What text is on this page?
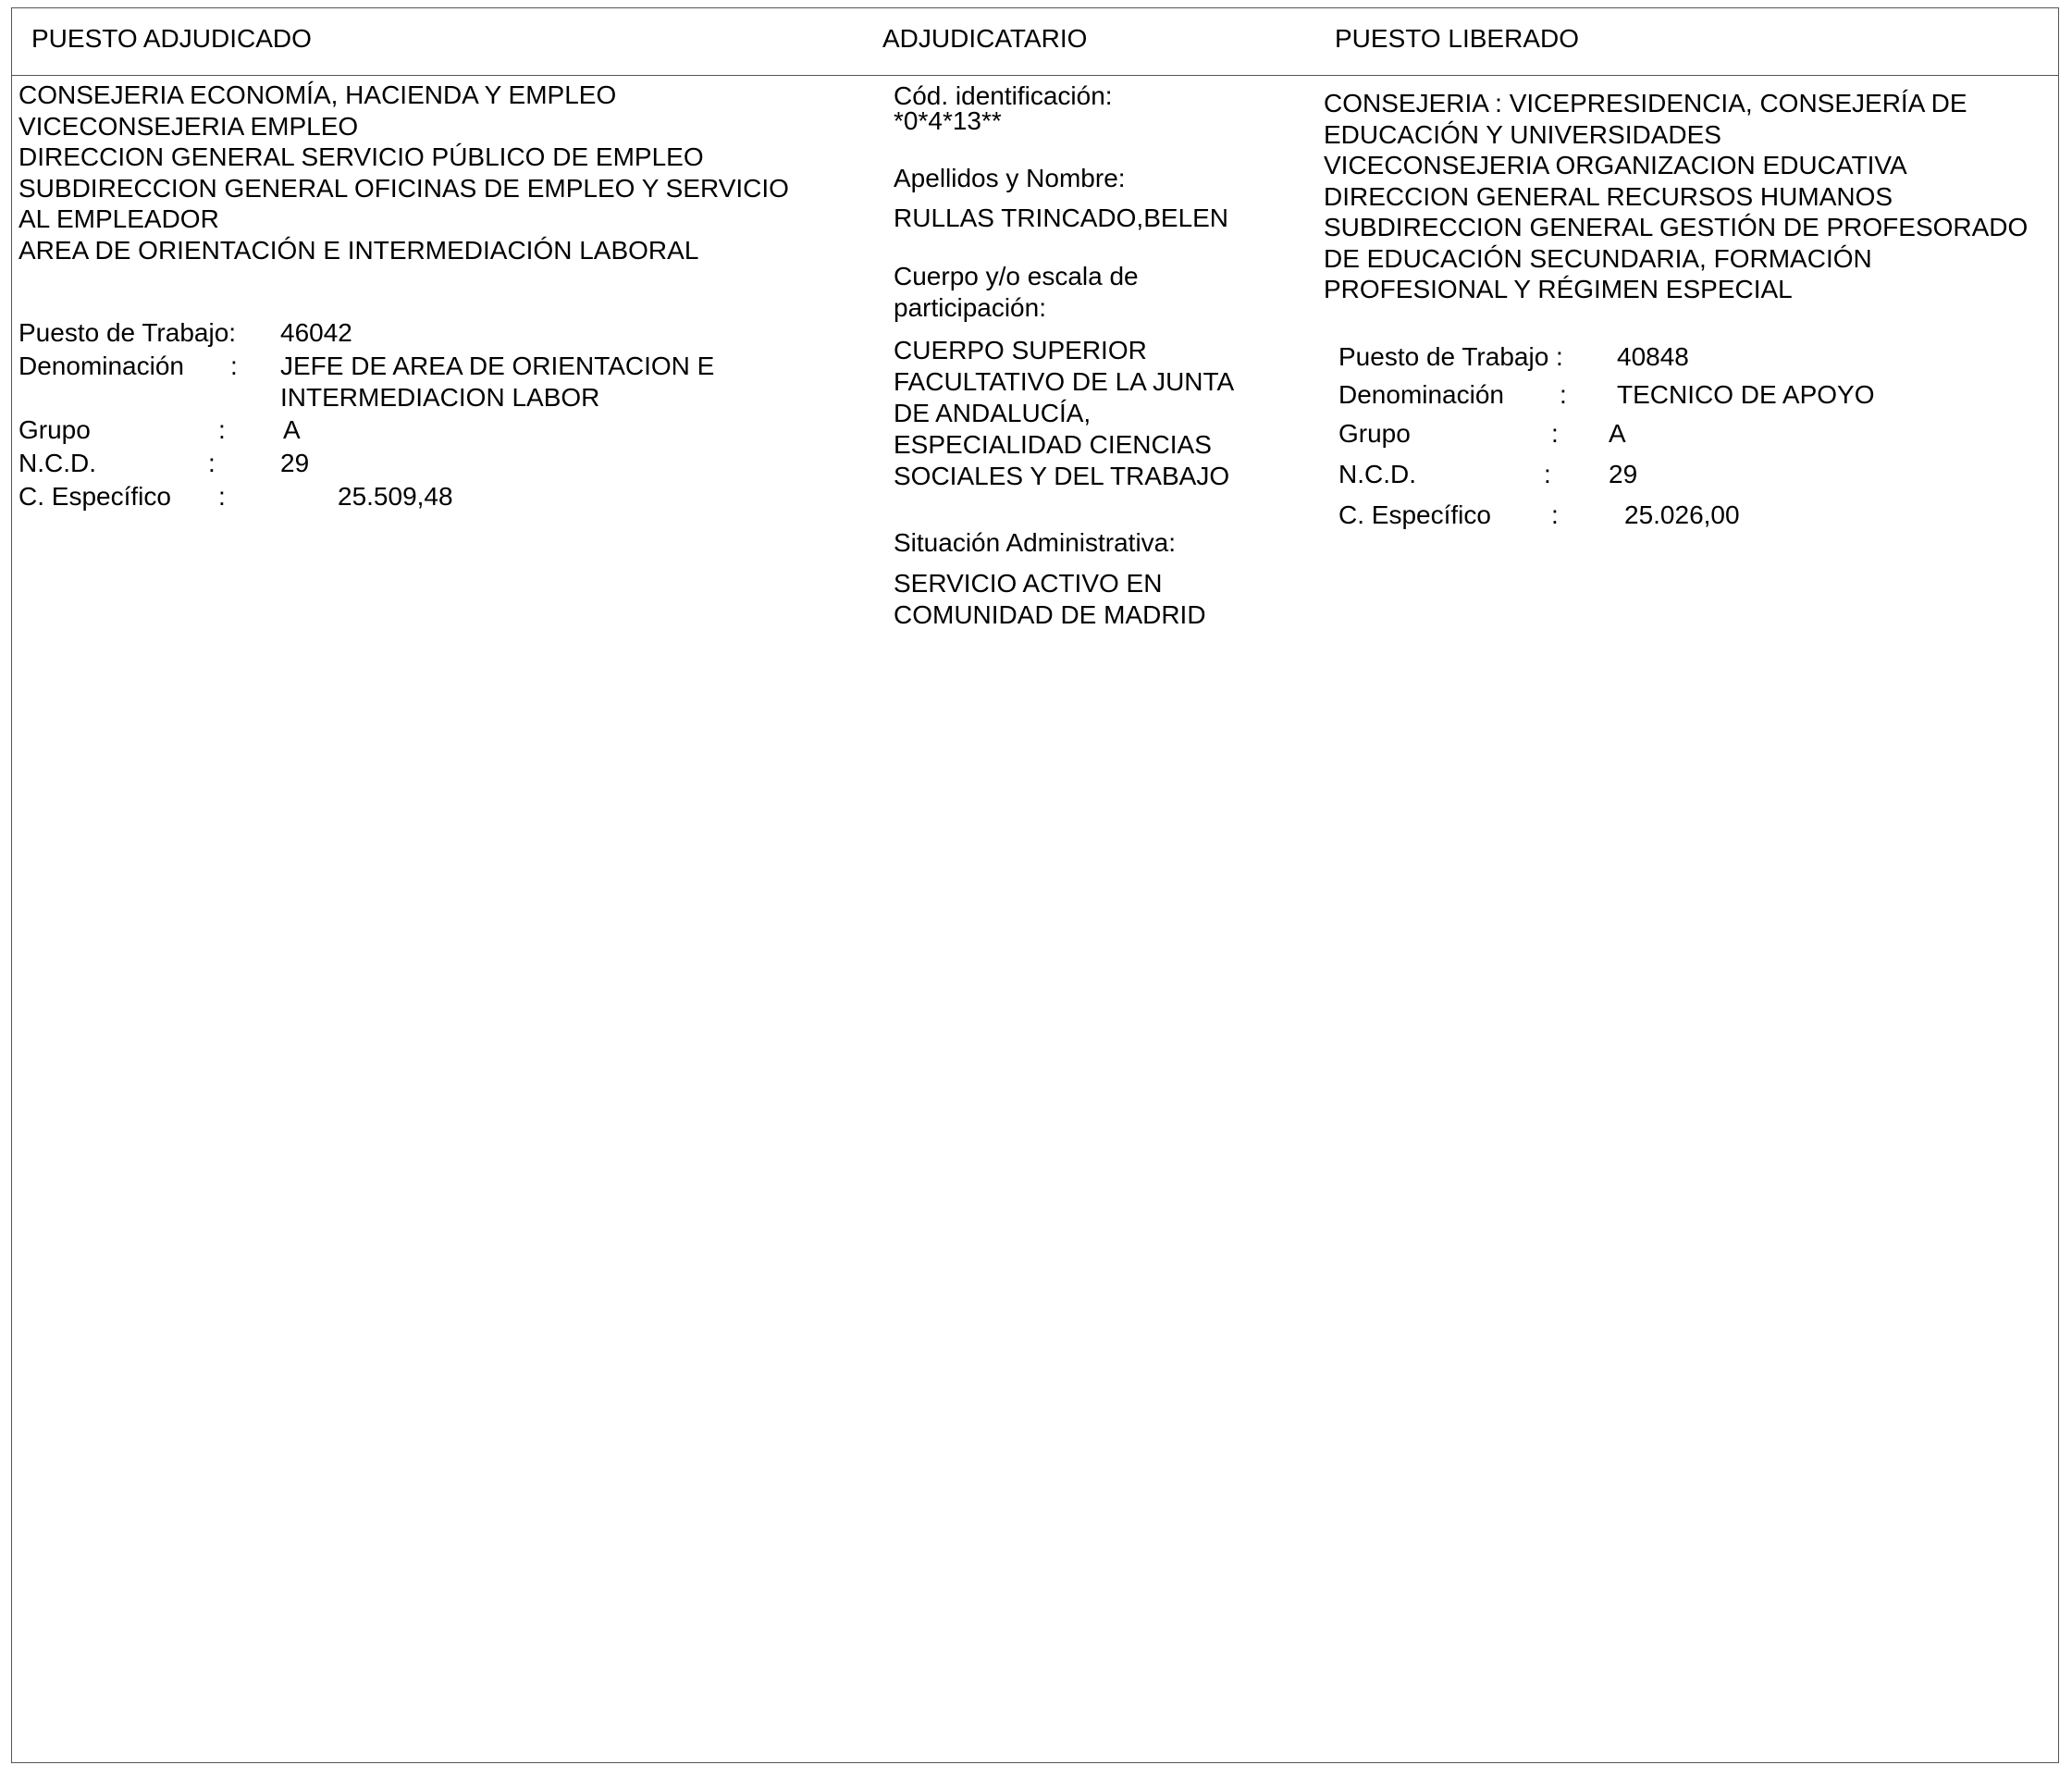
PUESTO ADJUDICADO	ADJUDICATARIO	PUESTO LIBERADO
CONSEJERIA ECONOMÍA, HACIENDA Y EMPLEO
VICECONSEJERIA EMPLEO
DIRECCION GENERAL SERVICIO PÚBLICO DE EMPLEO
SUBDIRECCION GENERAL OFICINAS DE EMPLEO Y SERVICIO
AL EMPLEADOR
AREA DE ORIENTACIÓN E INTERMEDIACIÓN LABORAL
Puesto de Trabajo: 46042
Denominación : JEFE DE AREA DE ORIENTACION E
INTERMEDIACION LABOR
Grupo	: A
N.C.D.	:	29
C. Específico :	25.509,48
Cód. identificación:
*0*4*13**
Apellidos y Nombre:
RULLAS TRINCADO,BELEN
Cuerpo y/o escala de
participación:
CUERPO SUPERIOR
FACULTATIVO DE LA JUNTA
DE ANDALUCÍA,
ESPECIALIDAD CIENCIAS
SOCIALES Y DEL TRABAJO
Situación Administrativa:
SERVICIO ACTIVO EN
COMUNIDAD DE MADRID
CONSEJERIA : VICEPRESIDENCIA, CONSEJERÍA DE
EDUCACIÓN Y UNIVERSIDADES
VICECONSEJERIA ORGANIZACION EDUCATIVA
DIRECCION GENERAL RECURSOS HUMANOS
SUBDIRECCION GENERAL GESTIÓN DE PROFESORADO
DE EDUCACIÓN SECUNDARIA, FORMACIÓN
PROFESIONAL Y RÉGIMEN ESPECIAL
Puesto de Trabajo : 40848
Denominación : TECNICO DE APOYO
Grupo	: A
N.C.D.	: 29
C. Específico :	25.026,00
